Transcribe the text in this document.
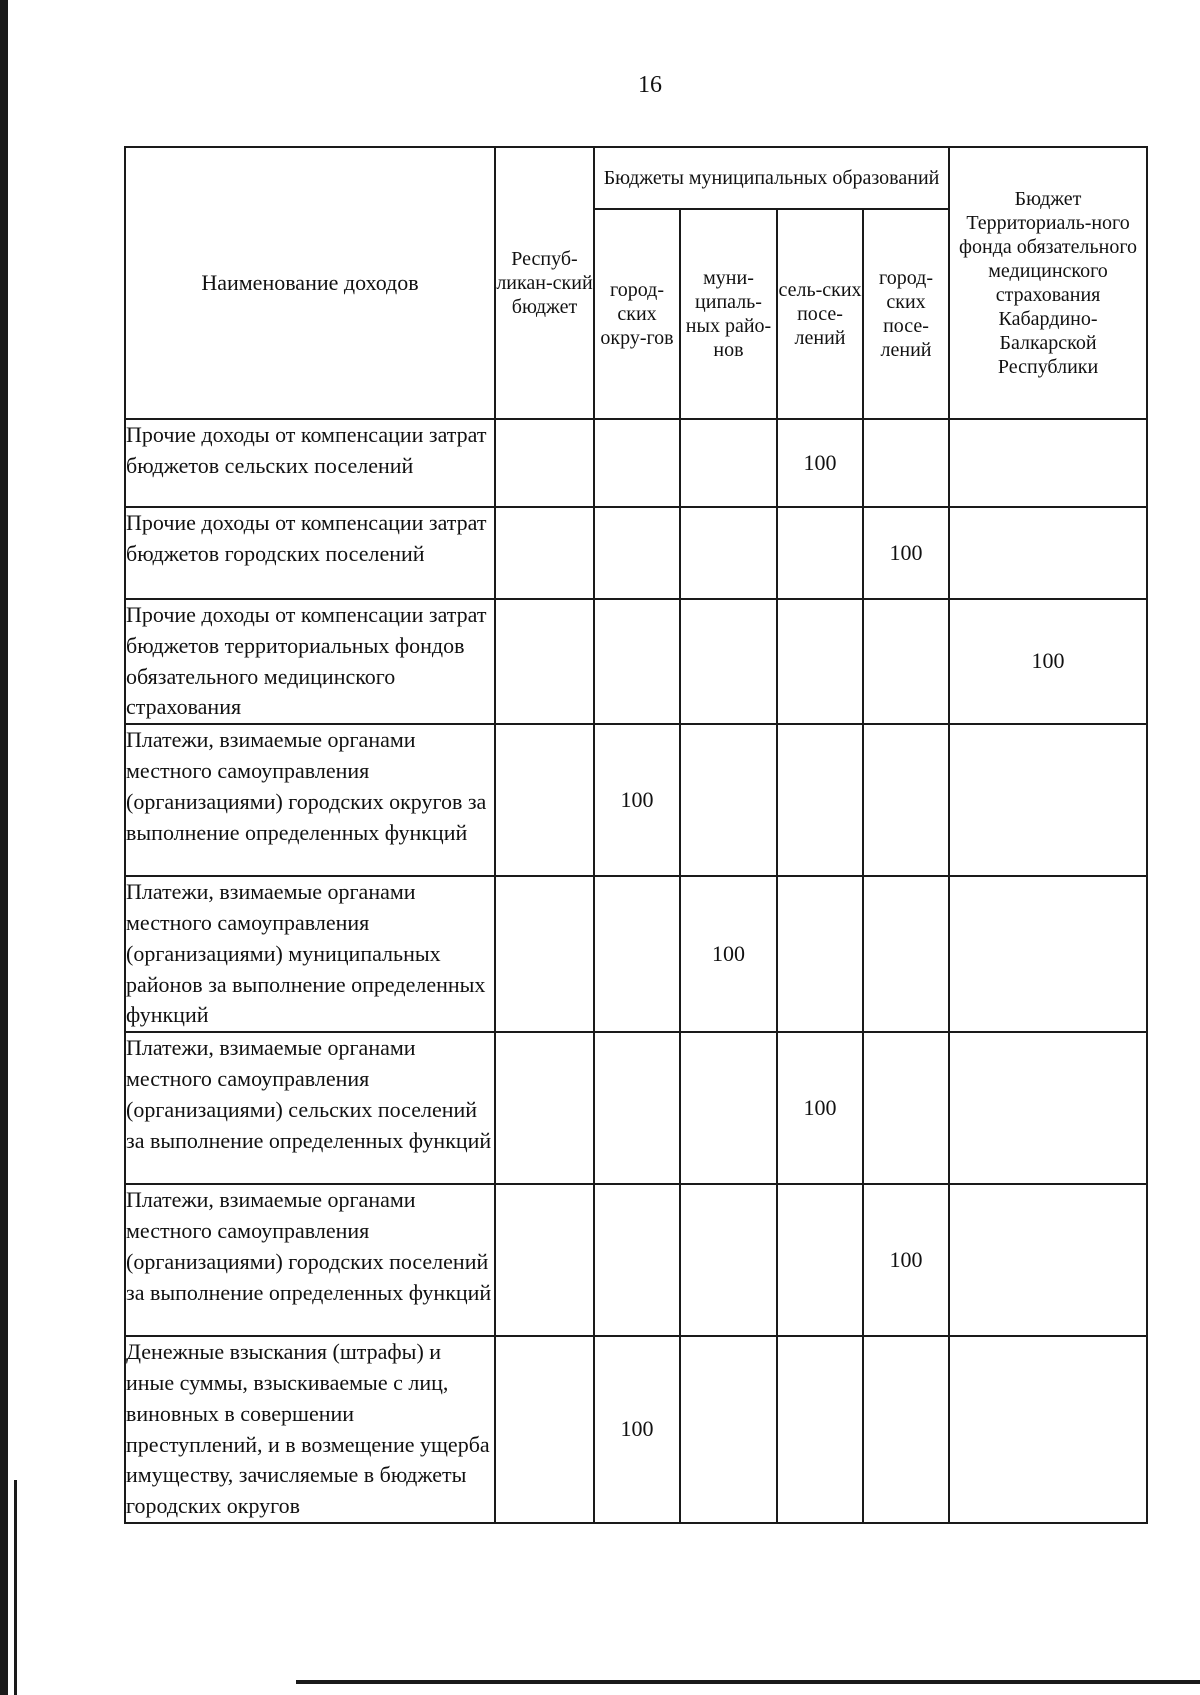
16
Наименование доходов	Респуб-ликан-ский бюджет	Бюджеты муниципальных образований				Бюджет Территориаль-ного фонда обязательного медицинского страхования Кабардино-Балкарской Республики
		город-ских окру-гов	муни-ципаль-ных райо-нов	сель-ских посе-лений	город-ских посе-лений	
Прочие доходы от компенсации затрат бюджетов сельских поселений				100		
Прочие доходы от компенсации затрат бюджетов городских поселений					100	
Прочие доходы от компенсации затрат бюджетов территориальных фондов обязательного медицинского страхования						100
Платежи, взимаемые органами местного самоуправления (организациями) городских округов за выполнение определенных функций		100				
Платежи, взимаемые органами местного самоуправления (организациями) муниципальных районов за выполнение определенных функций			100			
Платежи, взимаемые органами местного самоуправления (организациями) сельских поселений за выполнение определенных функций				100		
Платежи, взимаемые органами местного самоуправления (организациями) городских поселений за выполнение определенных функций					100	
Денежные взыскания (штрафы) и иные суммы, взыскиваемые с лиц, виновных в совершении преступлений, и в возмещение ущерба имуществу, зачисляемые в бюджеты городских округов		100				
